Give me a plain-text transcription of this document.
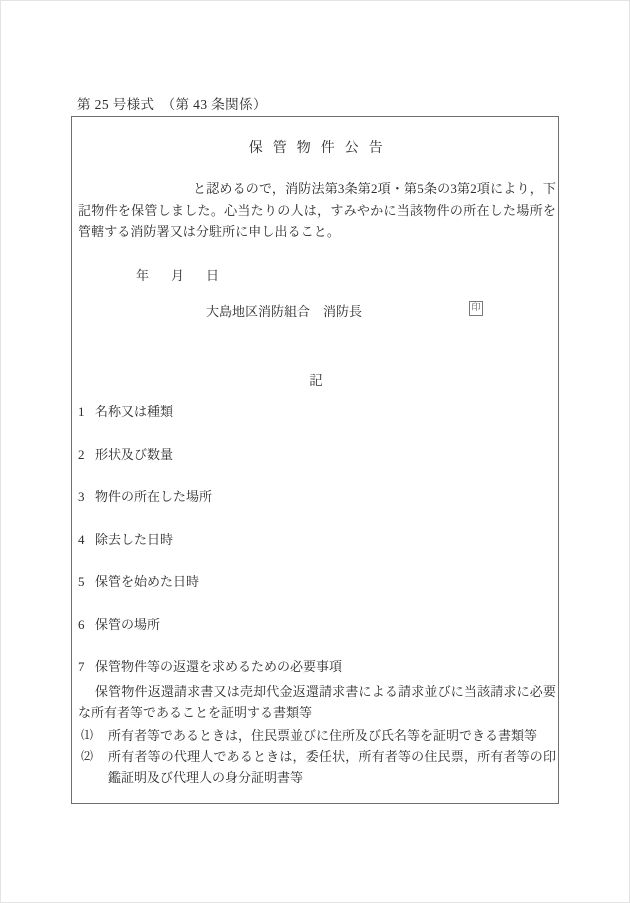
第 25 号様式　（第 43 条関係）
保管物件公告
と認めるので，消防法第3条第2項・第5条の3第2項により，下記物件を保管しました。心当たりの人は，すみやかに当該物件の所在した場所を管轄する消防署又は分駐所に申し出ること。
年 月 日
大島地区消防組合　消防長	印
記
1 名称又は種類
2 形状及び数量
3 物件の所在した場所
4 除去した日時
5 保管を始めた日時
6 保管の場所
7 保管物件等の返還を求めるための必要事項
保管物件返還請求書又は売却代金返還請求書による請求並びに当該請求に必要な所有者等であることを証明する書類等
⑴ 所有者等であるときは，住民票並びに住所及び氏名等を証明できる書類等
⑵ 所有者等の代理人であるときは，委任状，所有者等の住民票，所有者等の印鑑証明及び代理人の身分証明書等
